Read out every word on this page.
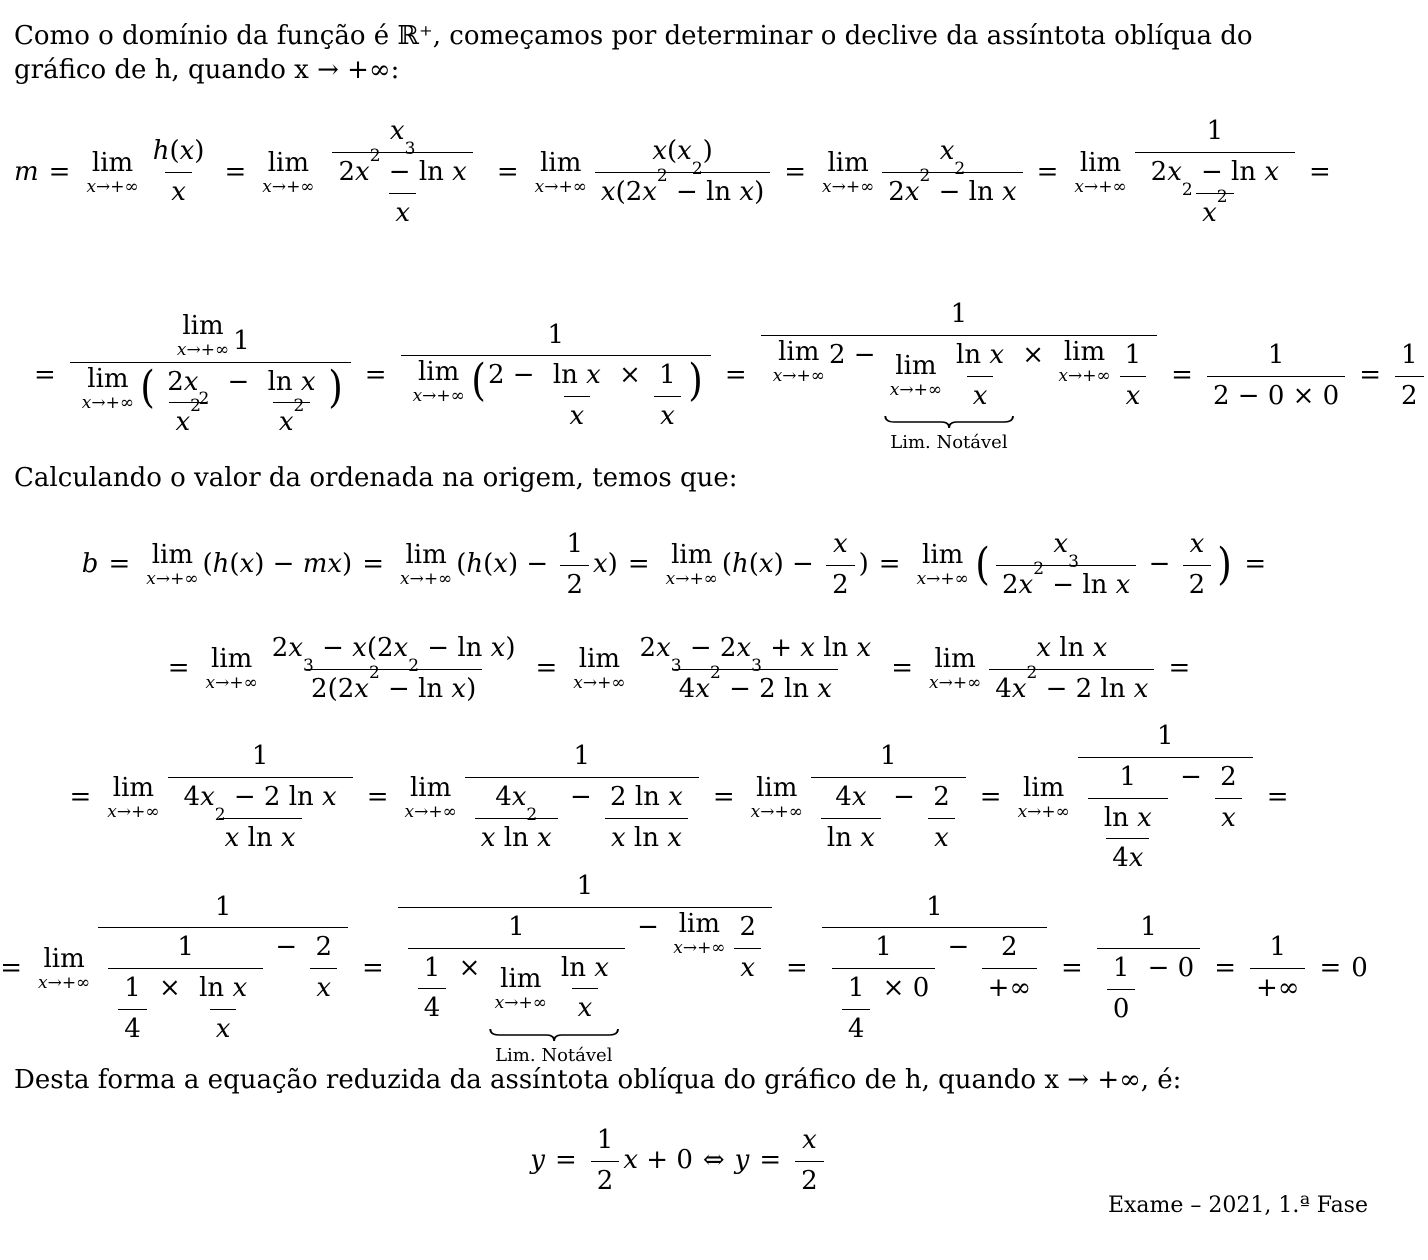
Como o domínio da função é ℝ⁺, começamos por determinar o declive da assíntota oblíqua do gráfico de h, quando x → +∞:
m = lim
$x\to+\infty \frac{h ( x )}{x} = \lim$
x→+∞ x
3
2 x
2
− ln x
x = lim
x→+∞ x ( x
2
)
x (2 x
2
− ln x ) = lim
x→+∞ x
2
2 x
2
− ln x = lim
x→+∞ 1
2 x
2
− ln x
x
2 =
= lim
x→+∞ 1
lim
x→+∞ ( 2 x
2
x
2 − ln x
x
2 ) = 1
lim
x→+∞ ( $2 - \frac{\text{ln x}}{x} \times \frac{1}{x}$ ) = 1
lim
x→+∞
2 − lim
$x\to+\infty \frac{\text{ln x}}{x}$
Lim. Notável
× lim
$x\to+\infty \frac{1}{x} = \frac{1}{2 - 0 \times 0} = \frac{1}{2}$
Calculando o valor da ordenada na origem, temos que:
b = lim
x→+∞ ( h ( x ) − mx ) = lim
x→+∞ ( h ( x ) − $\frac{1}{2}$ x ) = lim
x→+∞ ( h ( x ) − $\frac{x}{2}$ ) = lim
x→+∞ ( x
3
2 x
2
− $\ln x - \frac{x}{2}$ ) =
= lim
x→+∞ 2 x
3
− x (2 x
2
− ln x )
2(2 x
2
− ln x ) = lim
x→+∞ 2 x
3
− 2 x
3
+ x ln x
4 x
2
− 2 ln x = lim
x→+∞ x ln x
4 x
2
− 2 ln x =
= lim
x→+∞ 1
4 x
2
− 2 ln x
x ln x = lim
x→+∞ 1
4 x
2
x $\ln x - \frac{\text{2 ln x}}{\text{x ln x}} = \lim$
$x\to+\infty \frac{1}{\frac{4 x}{\text{ln x}} - \frac{2}{x}} = \lim$
$x\to+\infty \frac{1}{\frac{1}{\frac{\text{ln x}}{4 x}} - \frac{2}{x}}$ =
= lim
$x\to+\infty \frac{1}{\frac{1}{\frac{1}{4} \times \frac{\text{ln x}}{x}} - \frac{2}{x}} = 1$
1
$\frac{1}{4} \times \lim$
$x\to+\infty \frac{\text{ln x}}{x}$
Lim. Notável − lim
$x\to+\infty \frac{2}{x} = \frac{1}{\frac{1}{\frac{1}{4} \times 0} - \frac{2}{+\infty}} = \frac{1}{\frac{1}{0} - 0} = \frac{1}{+\infty} = 0$
Desta forma a equação reduzida da assíntota oblíqua do gráfico de h, quando x → +∞, é:
$y = \frac{1}{2}$ x + 0 ⇔ $y = \frac{x}{2}$
Exame – 2021, 1.ª Fase
